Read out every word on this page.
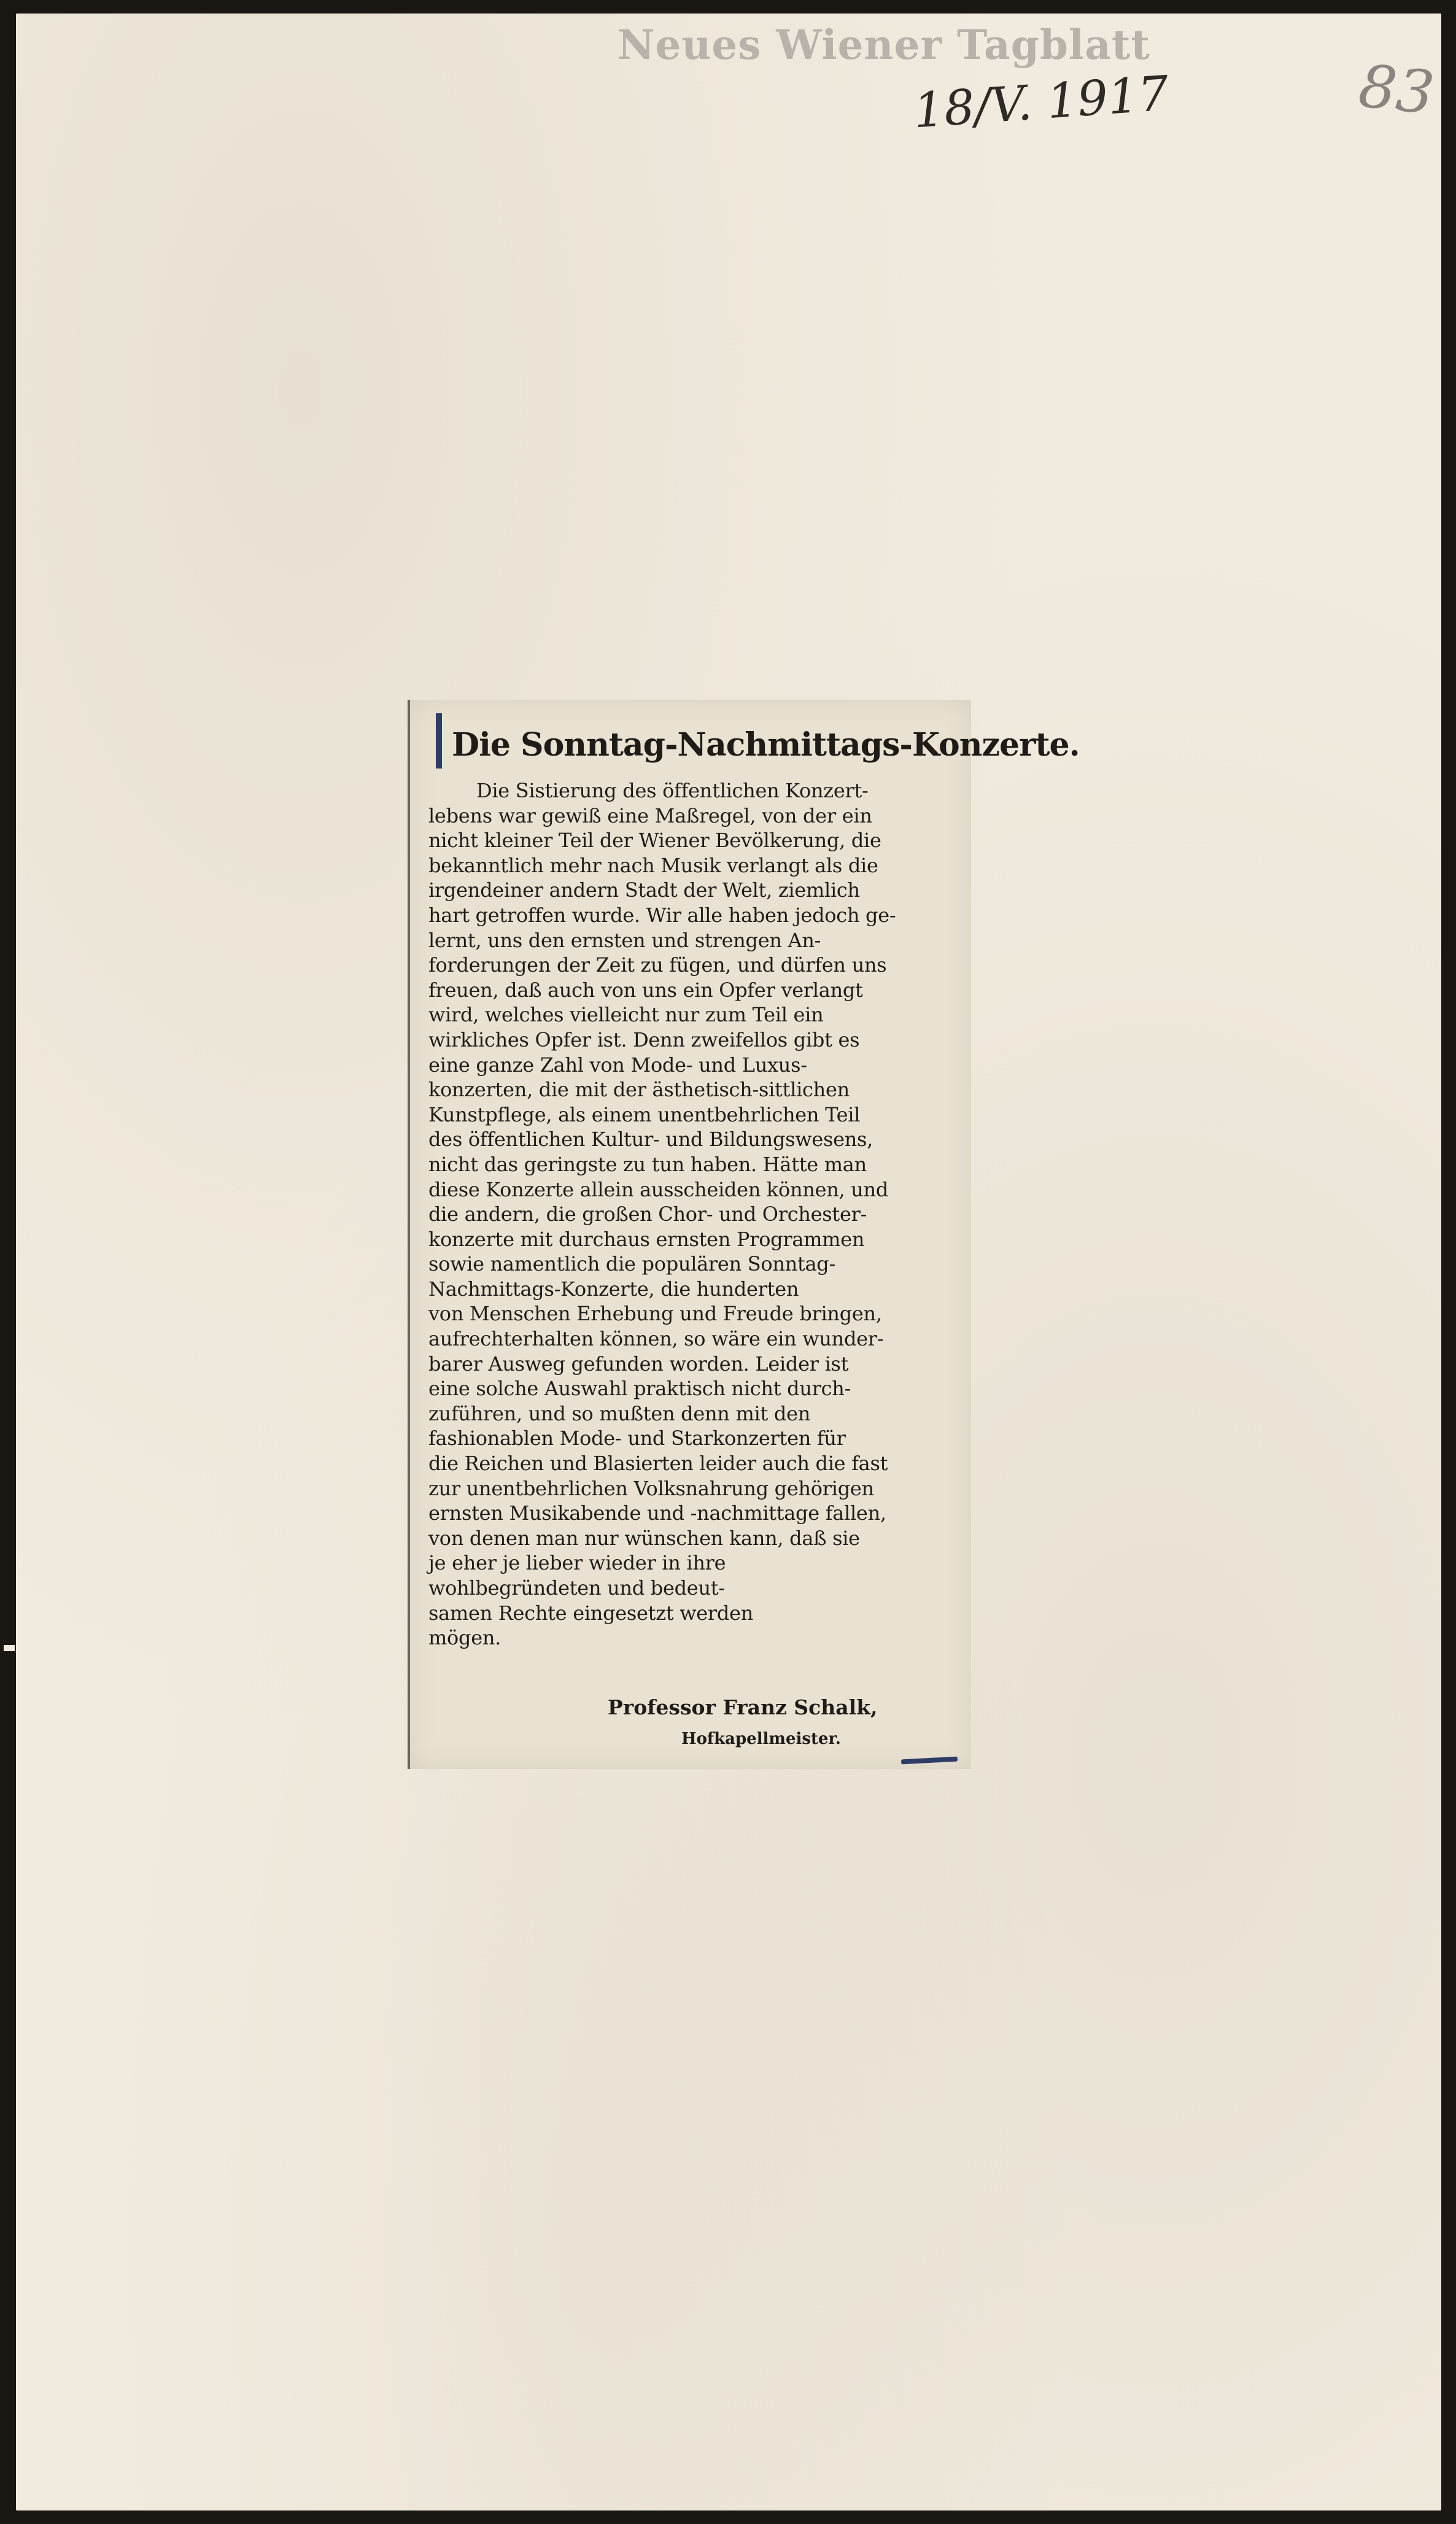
Neues Wiener Tagblatt
18/V. 1917	83
Die Sonntag-Nachmittags-Konzerte.
Die Sistierung des öffentlichen Konzert-
lebens war gewiß eine Maßregel, von der ein
nicht kleiner Teil der Wiener Bevölkerung, die
bekanntlich mehr nach Musik verlangt als die
irgendeiner andern Stadt der Welt, ziemlich
hart getroffen wurde. Wir alle haben jedoch ge-
lernt, uns den ernsten und strengen An-
forderungen der Zeit zu fügen, und dürfen uns
freuen, daß auch von uns ein Opfer verlangt
wird, welches vielleicht nur zum Teil ein
wirkliches Opfer ist. Denn zweifellos gibt es
eine ganze Zahl von Mode- und Luxus-
konzerten, die mit der ästhetisch-sittlichen
Kunstpflege, als einem unentbehrlichen Teil
des öffentlichen Kultur- und Bildungswesens,
nicht das geringste zu tun haben. Hätte man
diese Konzerte allein ausscheiden können, und
die andern, die großen Chor- und Orchester-
konzerte mit durchaus ernsten Programmen
sowie namentlich die populären Sonntag-
Nachmittags-Konzerte, die hunderten
von Menschen Erhebung und Freude bringen,
aufrechterhalten können, so wäre ein wunder-
barer Ausweg gefunden worden. Leider ist
eine solche Auswahl praktisch nicht durch-
zuführen, und so mußten denn mit den
fashionablen Mode- und Starkonzerten für
die Reichen und Blasierten leider auch die fast
zur unentbehrlichen Volksnahrung gehörigen
ernsten Musikabende und -nachmittage fallen,
von denen man nur wünschen kann, daß sie
je eher je lieber wieder in ihre
wohlbegründeten und bedeut-
samen Rechte eingesetzt werden
mögen.
Professor Franz Schalk,
Hofkapellmeister.
